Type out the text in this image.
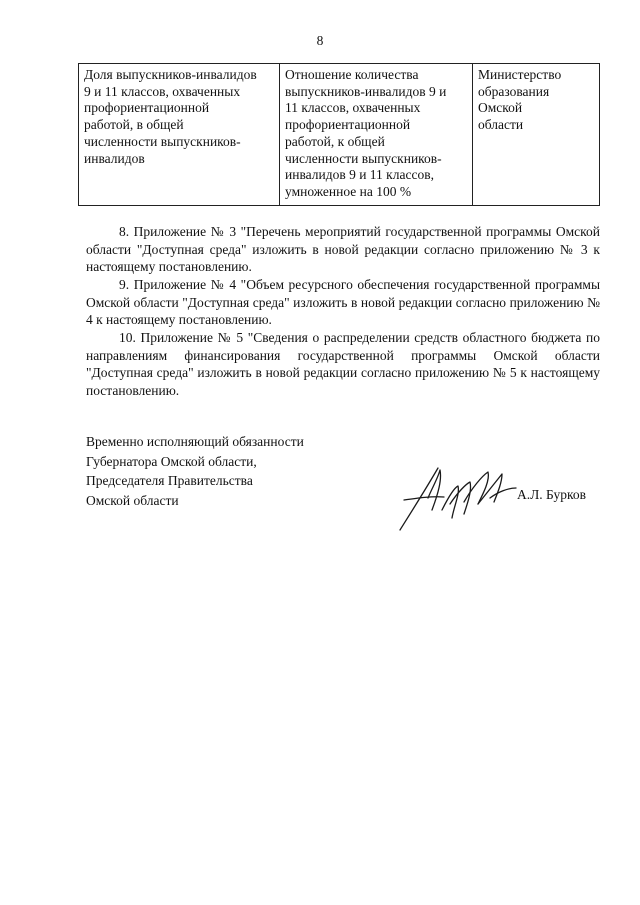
8
Доля выпускников-инвалидов
9 и 11 классов, охваченных
профориентационной
работой, в общей
численности выпускников-
инвалидов	Отношение количества
выпускников-инвалидов 9 и
11 классов, охваченных
профориентационной
работой, к общей
численности выпускников-
инвалидов 9 и 11 классов,
умноженное на 100 %	Министерство
образования
Омской
области
8. Приложение № 3 "Перечень мероприятий государственной программы Омской области "Доступная среда" изложить в новой редакции согласно приложению № 3 к настоящему постановлению.
9. Приложение № 4 "Объем ресурсного обеспечения государственной программы Омской области "Доступная среда" изложить в новой редакции согласно приложению № 4 к настоящему постановлению.
10. Приложение № 5 "Сведения о распределении средств областного бюджета по направлениям финансирования государственной программы Омской области "Доступная среда" изложить в новой редакции согласно приложению № 5 к настоящему постановлению.
Временно исполняющий обязанности
Губернатора Омской области,
Председателя Правительства
Омской области	А.Л. Бурков
